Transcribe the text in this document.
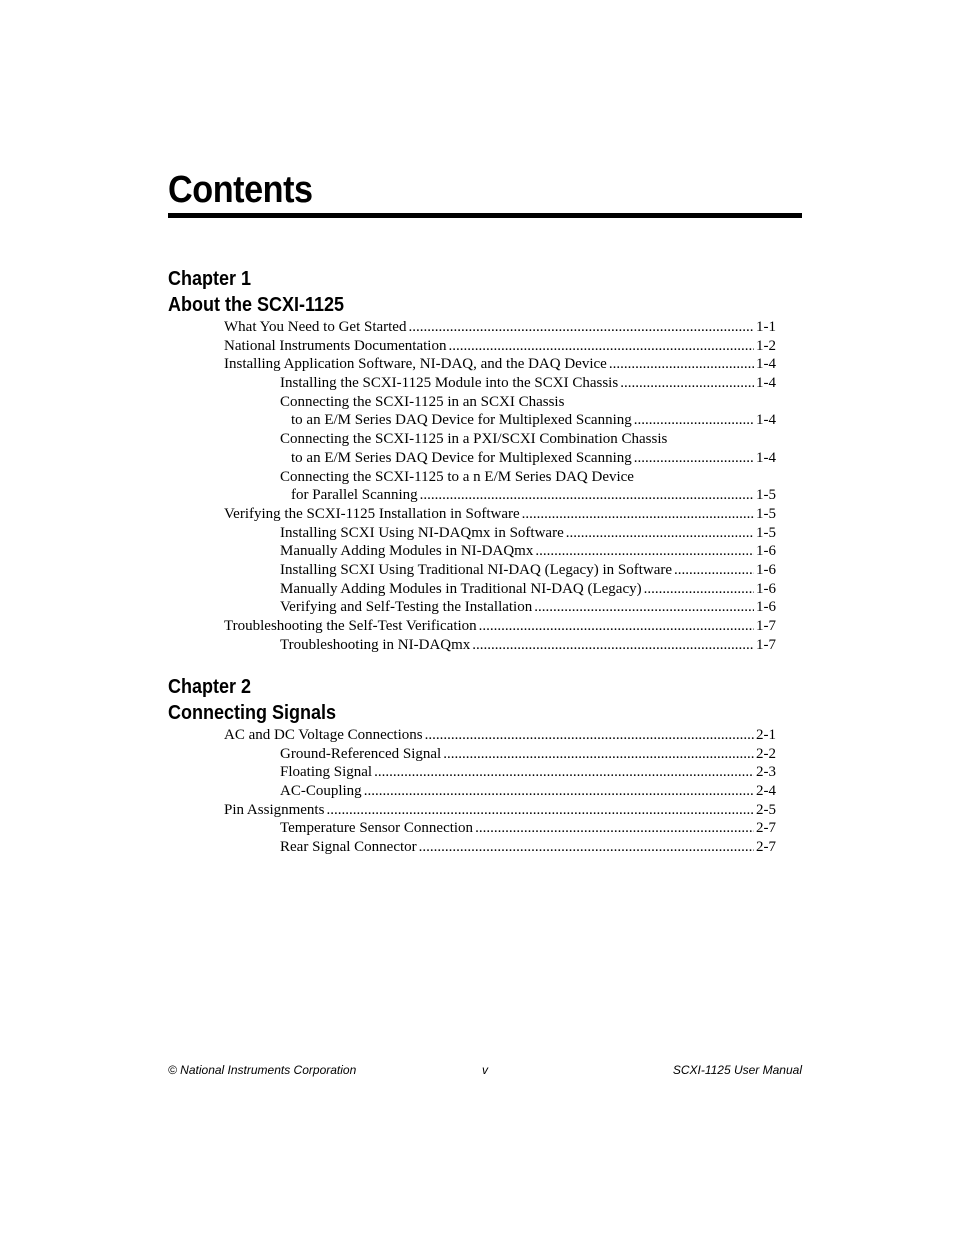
Contents
Chapter 1
About the SCXI-1125
What You Need to Get Started .....	1-1
National Instruments Documentation .....	1-2
Installing Application Software, NI-DAQ, and the DAQ Device .....	1-4
Installing the SCXI-1125 Module into the SCXI Chassis .....	1-4
Connecting the SCXI-1125 in an SCXI Chassis
to an E/M Series DAQ Device for Multiplexed Scanning .....	1-4
Connecting the SCXI-1125 in a PXI/SCXI Combination Chassis
to an E/M Series DAQ Device for Multiplexed Scanning .....	1-4
Connecting the SCXI-1125 to a n E/M Series DAQ Device
for Parallel Scanning .....	1-5
Verifying the SCXI-1125 Installation in Software .....	1-5
Installing SCXI Using NI-DAQmx in Software .....	1-5
Manually Adding Modules in NI-DAQmx .....	1-6
Installing SCXI Using Traditional NI-DAQ (Legacy) in Software .....	1-6
Manually Adding Modules in Traditional NI-DAQ (Legacy) .....	1-6
Verifying and Self-Testing the Installation .....	1-6
Troubleshooting the Self-Test Verification .....	1-7
Troubleshooting in NI-DAQmx .....	1-7
Chapter 2
Connecting Signals
AC and DC Voltage Connections .....	2-1
Ground-Referenced Signal .....	2-2
Floating Signal .....	2-3
AC-Coupling .....	2-4
Pin Assignments .....	2-5
Temperature Sensor Connection .....	2-7
Rear Signal Connector .....	2-7
© National Instruments Corporation	v	SCXI-1125 User Manual
